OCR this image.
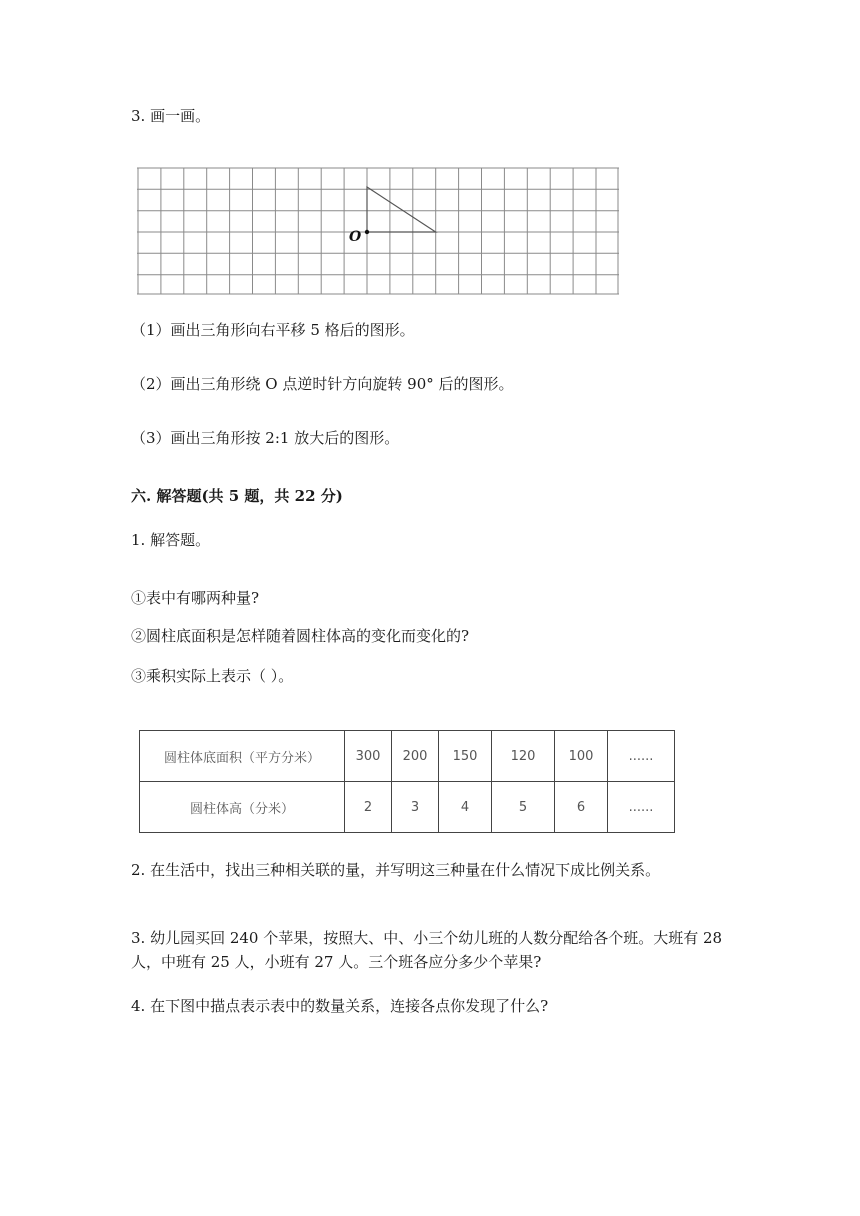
3. 画一画。
O
（1）画出三角形向右平移 5 格后的图形。
（2）画出三角形绕 O 点逆时针方向旋转 90° 后的图形。
（3）画出三角形按 2:1 放大后的图形。
六. 解答题(共 5 题，共 22 分)
1. 解答题。
①表中有哪两种量?
②圆柱底面积是怎样随着圆柱体高的变化而变化的?
③乘积实际上表示（ ）。
圆柱体底面积（平方分米）	300	200	150	120	100	......
圆柱体高（分米）	2	3	4	5	6	......
2. 在生活中，找出三种相关联的量，并写明这三种量在什么情况下成比例关系。
3. 幼儿园买回 240 个苹果，按照大、中、小三个幼儿班的人数分配给各个班。大班有 28 人，中班有 25 人，小班有 27 人。三个班各应分多少个苹果?
4. 在下图中描点表示表中的数量关系，连接各点你发现了什么?
